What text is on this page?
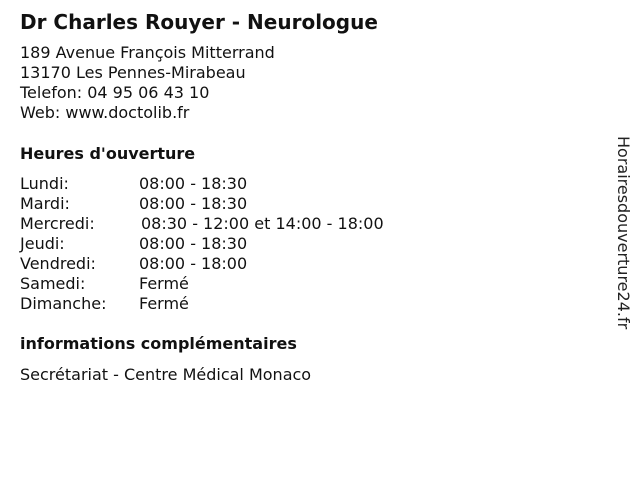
Dr Charles Rouyer - Neurologue
189 Avenue François Mitterrand
13170 Les Pennes-Mirabeau
Telefon: 04 95 06 43 10
Web: www.doctolib.fr
Heures d'ouverture
Lundi:	08:00 - 18:30
Mardi:	08:00 - 18:30
Mercredi:	08:30 - 12:00 et 14:00 - 18:00
Jeudi:	08:00 - 18:30
Vendredi:	08:00 - 18:00
Samedi:	Fermé
Dimanche: Fermé
informations complémentaires
Secrétariat - Centre Médical Monaco
Horairesdouverture24.fr
